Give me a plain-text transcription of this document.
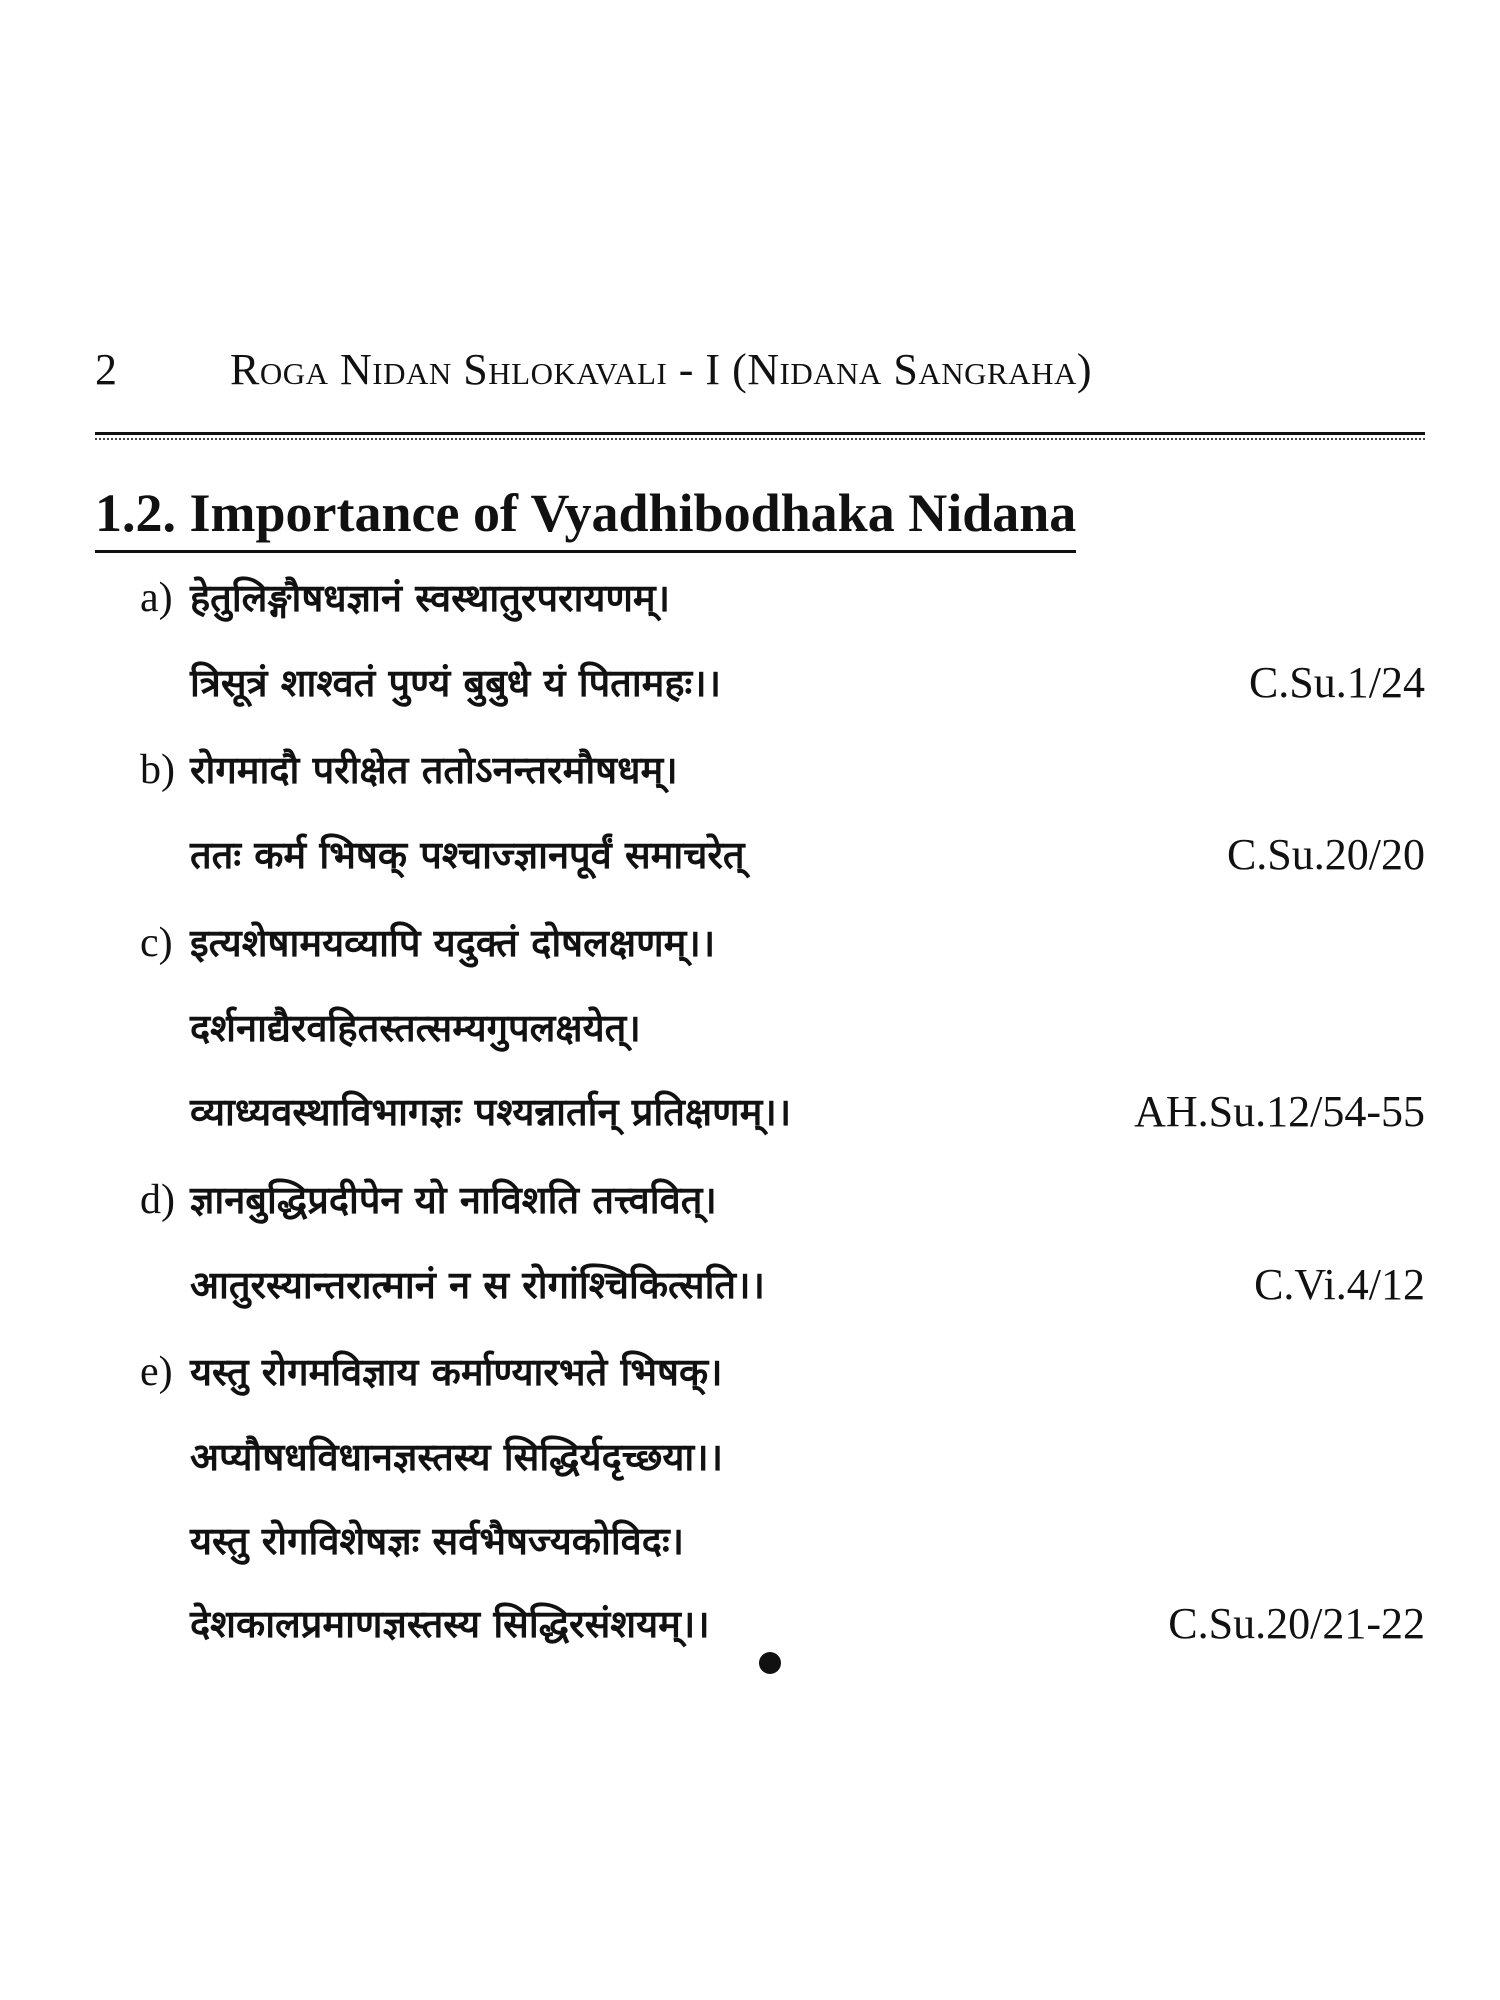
2	Roga Nidan Shlokavali - I (Nidana Sangraha)
1.2. Importance of Vyadhibodhaka Nidana
a) हेतुलिङ्गौषधज्ञानं स्वस्थातुरपरायणम्।
त्रिसूत्रं शाश्वतं पुण्यं बुबुधे यं पितामहः।।	C.Su.1/24
b) रोगमादौ परीक्षेत ततोऽनन्तरमौषधम्।
ततः कर्म भिषक् पश्चाज्ज्ञानपूर्वं समाचरेत्	C.Su.20/20
c) इत्यशेषामयव्यापि यदुक्तं दोषलक्षणम्।।
दर्शनाद्यैरवहितस्तत्सम्यगुपलक्षयेत्।
व्याध्यवस्थाविभागज्ञः पश्यन्नार्तान् प्रतिक्षणम्।।	AH.Su.12/54-55
d) ज्ञानबुद्धिप्रदीपेन यो नाविशति तत्त्ववित्।
आतुरस्यान्तरात्मानं न स रोगांश्चिकित्सति।।	C.Vi.4/12
e) यस्तु रोगमविज्ञाय कर्माण्यारभते भिषक्।
अप्यौषधविधानज्ञस्तस्य सिद्धिर्यदृच्छया।।
यस्तु रोगविशेषज्ञः सर्वभैषज्यकोविदः।
देशकालप्रमाणज्ञस्तस्य सिद्धिरसंशयम्।।	C.Su.20/21-22
